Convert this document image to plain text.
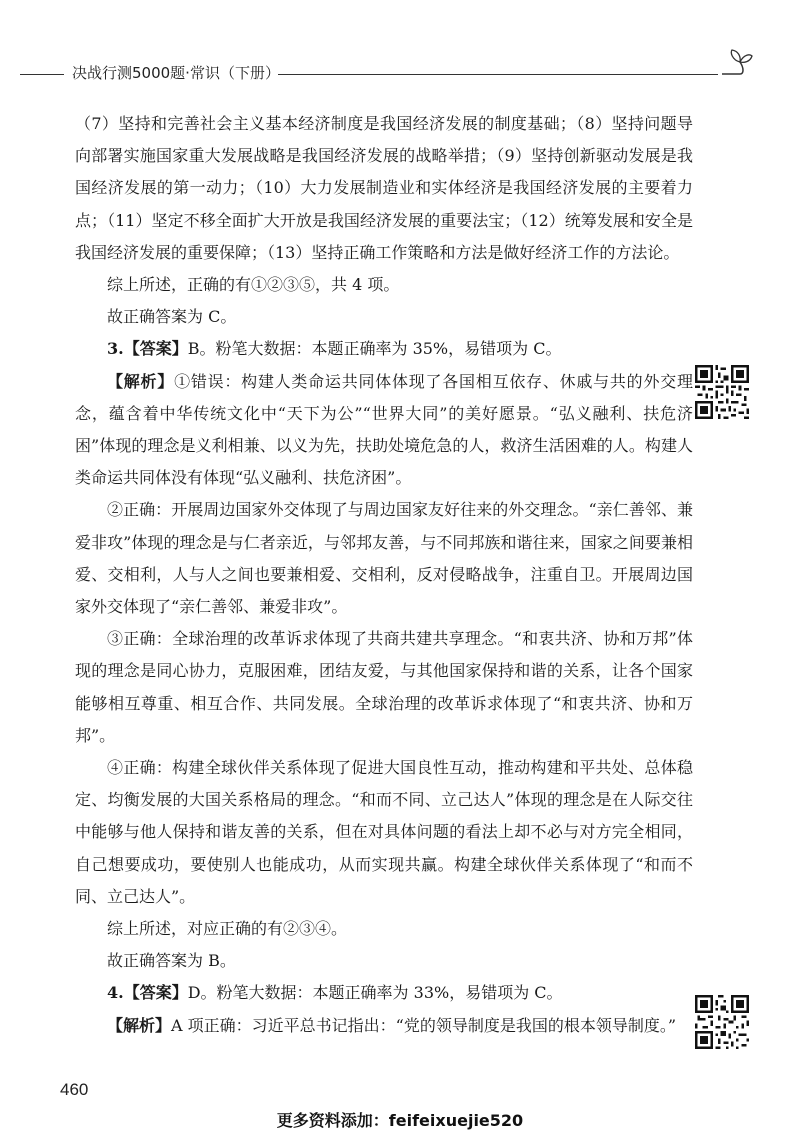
决战行测5000题·常识（下册）

（7）坚持和完善社会主义基本经济制度是我国经济发展的制度基础；（8）坚持问题导向部署实施国家重大发展战略是我国经济发展的战略举措；（9）坚持创新驱动发展是我国经济发展的第一动力；（10）大力发展制造业和实体经济是我国经济发展的主要着力点；（11）坚定不移全面扩大开放是我国经济发展的重要法宝；（12）统筹发展和安全是我国经济发展的重要保障；（13）坚持正确工作策略和方法是做好经济工作的方法论。

综上所述，正确的有①②③⑤，共 4 项。

故正确答案为 C。

3.【答案】B。粉笔大数据：本题正确率为 35%，易错项为 C。

【解析】①错误：构建人类命运共同体体现了各国相互依存、休戚与共的外交理念，蕴含着中华传统文化中“天下为公”“世界大同”的美好愿景。“弘义融利、扶危济困”体现的理念是义利相兼、以义为先，扶助处境危急的人，救济生活困难的人。构建人类命运共同体没有体现“弘义融利、扶危济困”。

②正确：开展周边国家外交体现了与周边国家友好往来的外交理念。“亲仁善邻、兼爱非攻”体现的理念是与仁者亲近，与邻邦友善，与不同邦族和谐往来，国家之间要兼相爱、交相利，人与人之间也要兼相爱、交相利，反对侵略战争，注重自卫。开展周边国家外交体现了“亲仁善邻、兼爱非攻”。

③正确：全球治理的改革诉求体现了共商共建共享理念。“和衷共济、协和万邦”体现的理念是同心协力，克服困难，团结友爱，与其他国家保持和谐的关系，让各个国家能够相互尊重、相互合作、共同发展。全球治理的改革诉求体现了“和衷共济、协和万邦”。

④正确：构建全球伙伴关系体现了促进大国良性互动，推动构建和平共处、总体稳定、均衡发展的大国关系格局的理念。“和而不同、立己达人”体现的理念是在人际交往中能够与他人保持和谐友善的关系，但在对具体问题的看法上却不必与对方完全相同，自己想要成功，要使别人也能成功，从而实现共赢。构建全球伙伴关系体现了“和而不同、立己达人”。

综上所述，对应正确的有②③④。

故正确答案为 B。

4.【答案】D。粉笔大数据：本题正确率为 33%，易错项为 C。

【解析】A 项正确：习近平总书记指出：“党的领导制度是我国的根本领导制度。”

460
更多资料添加：feifeixuejie520
